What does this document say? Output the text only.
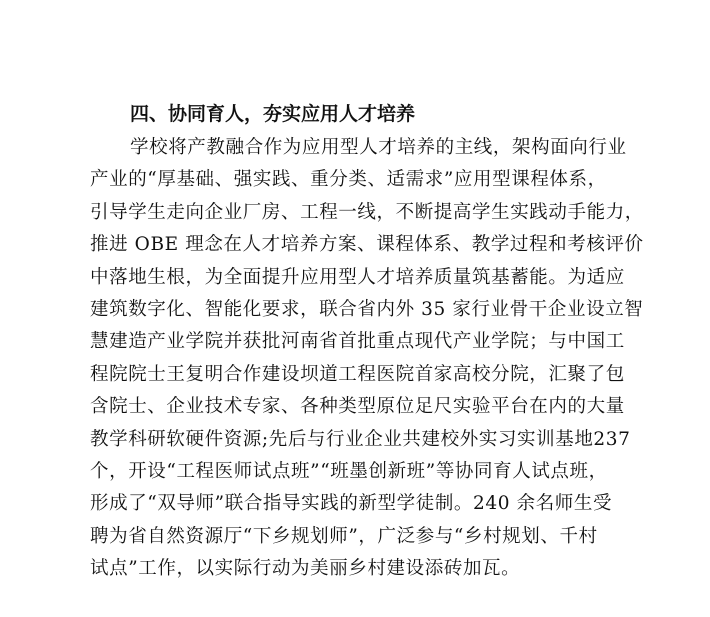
四、协同育人，夯实应用人才培养
学校将产教融合作为应用型人才培养的主线，架构面向行业
产业的“厚基础、强实践、重分类、适需求”应用型课程体系，
引导学生走向企业厂房、工程一线，不断提高学生实践动手能力，
推进 OBE 理念在人才培养方案、课程体系、教学过程和考核评价
中落地生根，为全面提升应用型人才培养质量筑基蓄能。为适应
建筑数字化、智能化要求，联合省内外 35 家行业骨干企业设立智
慧建造产业学院并获批河南省首批重点现代产业学院；与中国工
程院院士王复明合作建设坝道工程医院首家高校分院，汇聚了包
含院士、企业技术专家、各种类型原位足尺实验平台在内的大量
教学科研软硬件资源;先后与行业企业共建校外实习实训基地237
个，开设“工程医师试点班”“班墨创新班”等协同育人试点班，
形成了“双导师”联合指导实践的新型学徒制。240 余名师生受
聘为省自然资源厅“下乡规划师”，广泛参与“乡村规划、千村
试点”工作，以实际行动为美丽乡村建设添砖加瓦。
